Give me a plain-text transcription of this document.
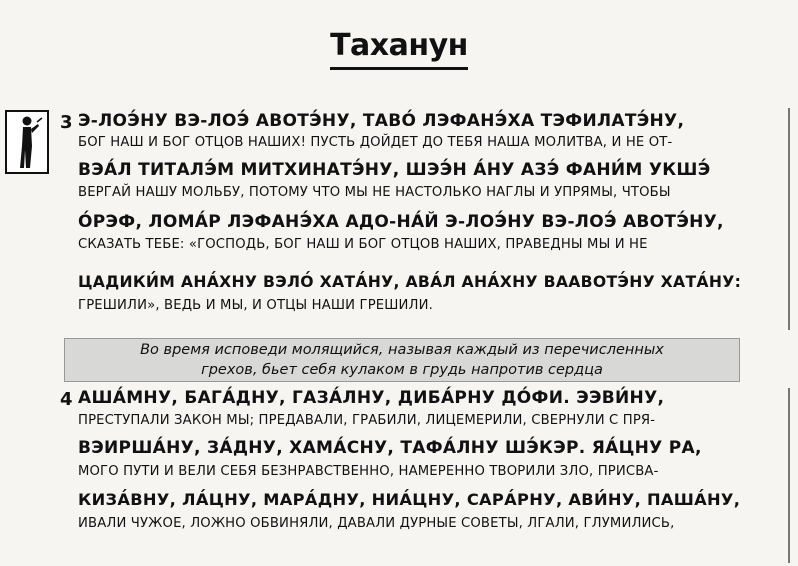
Таханун
3 Э-ЛОЭ́НУ ВЭ-ЛОЭ́ АВОТЭ́НУ, ТАВО́ ЛЭФАНЭ́ХА ТЭФИЛАТЭ́НУ,
БОГ НАШ И БОГ ОТЦОВ НАШИХ! ПУСТЬ ДОЙДЕТ ДО ТЕБЯ НАША МОЛИТВА, И НЕ ОТ-
ВЭА́Л ТИТАЛЭ́М МИТХИНАТЭ́НУ, ШЭЭ́Н А́НУ АЗЭ́ ФАНИ́М УКШЭ́
ВЕРГАЙ НАШУ МОЛЬБУ, ПОТОМУ ЧТО МЫ НЕ НАСТОЛЬКО НАГЛЫ И УПРЯМЫ, ЧТОБЫ
О́РЭФ, ЛОМА́Р ЛЭФАНЭ́ХА АДО-НА́Й Э-ЛОЭ́НУ ВЭ-ЛОЭ́ АВОТЭ́НУ,
СКАЗАТЬ ТЕБЕ: «ГОСПОДЬ, БОГ НАШ И БОГ ОТЦОВ НАШИХ, ПРАВЕДНЫ МЫ И НЕ
ЦАДИКИ́М АНА́ХНУ ВЭЛО́ ХАТА́НУ, АВА́Л АНА́ХНУ ВААВОТЭ́НУ ХАТА́НУ:
ГРЕШИЛИ», ВЕДЬ И МЫ, И ОТЦЫ НАШИ ГРЕШИЛИ.
Во время исповеди молящийся, называя каждый из перечисленных
грехов, бьет себя кулаком в грудь напротив сердца
4 АША́МНУ, БАГА́ДНУ, ГАЗА́ЛНУ, ДИБА́РНУ ДО́ФИ. ЭЭВИ́НУ,
ПРЕСТУПАЛИ ЗАКОН МЫ; ПРЕДАВАЛИ, ГРАБИЛИ, ЛИЦЕМЕРИЛИ, СВЕРНУЛИ С ПРЯ-
ВЭИРША́НУ, ЗА́ДНУ, ХАМА́СНУ, ТАФА́ЛНУ ШЭ́КЭР. ЯА́ЦНУ РА,
МОГО ПУТИ И ВЕЛИ СЕБЯ БЕЗНРАВСТВЕННО, НАМЕРЕННО ТВОРИЛИ ЗЛО, ПРИСВА-
КИЗА́ВНУ, ЛА́ЦНУ, МАРА́ДНУ, НИА́ЦНУ, САРА́РНУ, АВИ́НУ, ПАША́НУ,
ИВАЛИ ЧУЖОЕ, ЛОЖНО ОБВИНЯЛИ, ДАВАЛИ ДУРНЫЕ СОВЕТЫ, ЛГАЛИ, ГЛУМИЛИСЬ,
